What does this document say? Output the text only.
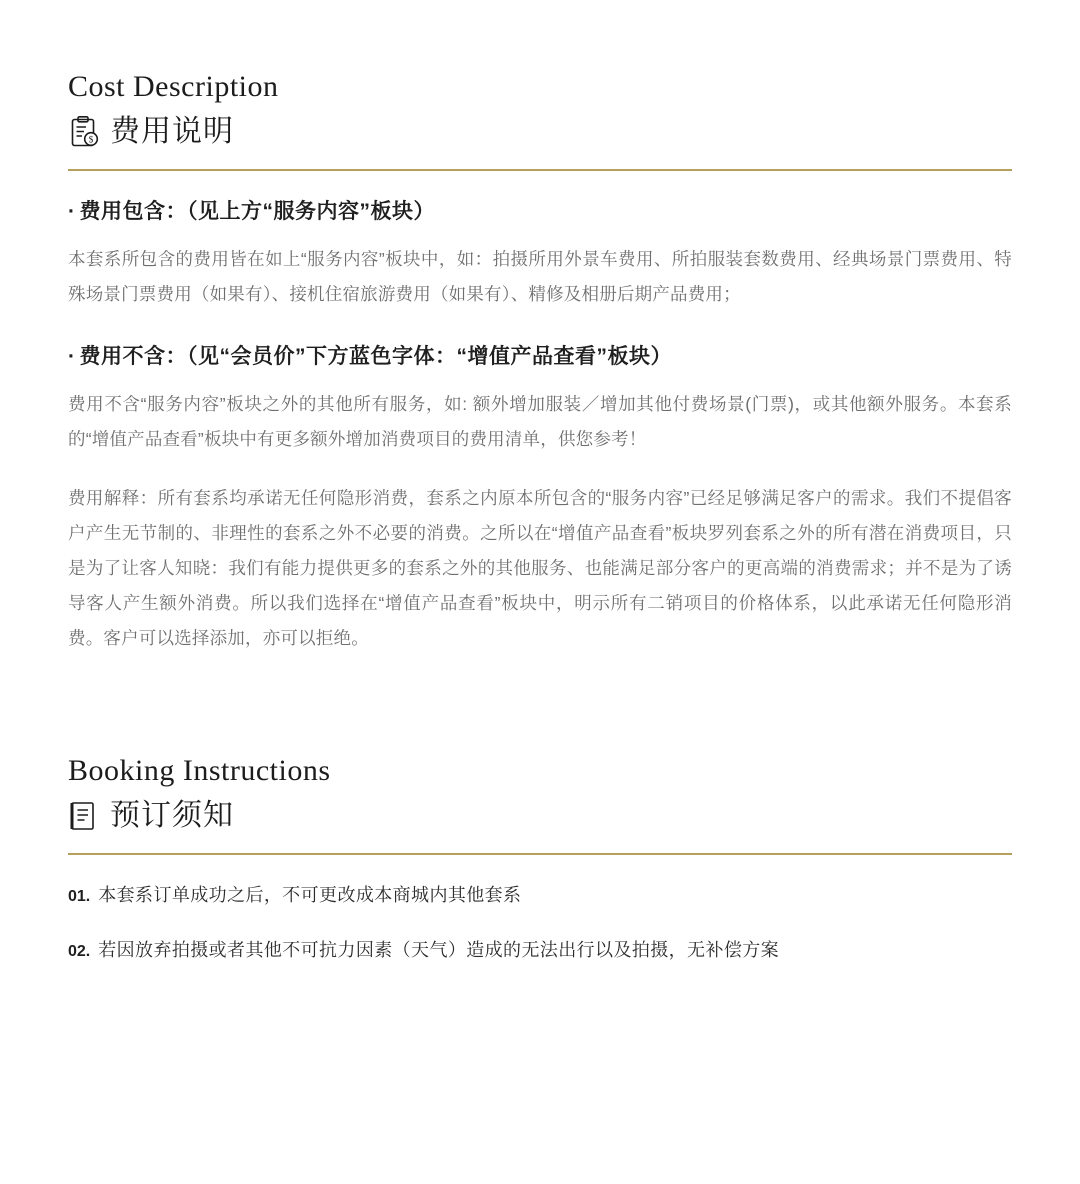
Cost Description
$ 费用说明

· 费用包含：（见上方“服务内容”板块）

本套系所包含的费用皆在如上“服务内容”板块中，如：拍摄所用外景车费用、所拍服装套数费用、经典场景门票费用、特殊场景门票费用（如果有）、接机住宿旅游费用（如果有）、精修及相册后期产品费用；

· 费用不含：（见“会员价”下方蓝色字体：“增值产品查看”板块）

费用不含“服务内容”板块之外的其他所有服务，如: 额外增加服装／增加其他付费场景(门票)，或其他额外服务。本套系的“增值产品查看”板块中有更多额外增加消费项目的费用清单，供您参考！

费用解释：所有套系均承诺无任何隐形消费，套系之内原本所包含的“服务内容”已经足够满足客户的需求。我们不提倡客户产生无节制的、非理性的套系之外不必要的消费。之所以在“增值产品查看”板块罗列套系之外的所有潜在消费项目，只是为了让客人知晓：我们有能力提供更多的套系之外的其他服务、也能满足部分客户的更高端的消费需求；并不是为了诱导客人产生额外消费。所以我们选择在“增值产品查看”板块中，明示所有二销项目的价格体系，以此承诺无任何隐形消费。客户可以选择添加，亦可以拒绝。

Booking Instructions
预订须知
01. 本套系订单成功之后，不可更改成本商城内其他套系
02. 若因放弃拍摄或者其他不可抗力因素（天气）造成的无法出行以及拍摄，无补偿方案
